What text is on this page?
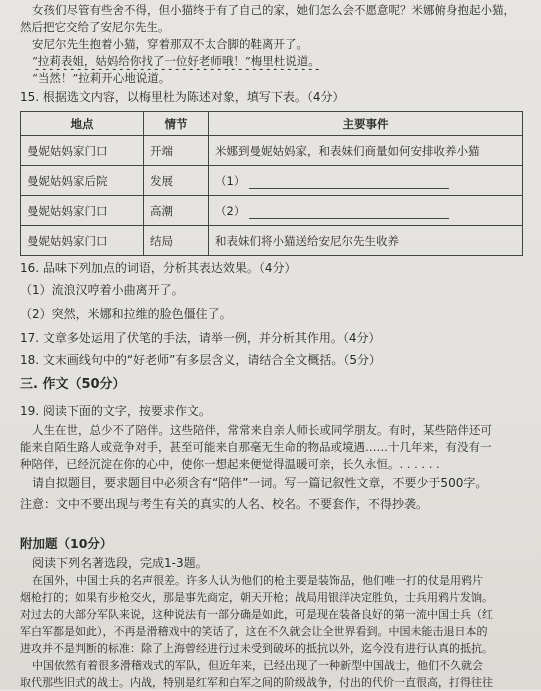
女孩们尽管有些舍不得，但小猫终于有了自己的家，她们怎么会不愿意呢？米娜俯身抱起小猫，
然后把它交给了安尼尔先生。
安尼尔先生抱着小猫，穿着那双不太合脚的鞋离开了。
“拉莉表姐，姑妈给你找了一位好老师哦！”梅里杜说道。
“当然！”拉莉开心地说道。
15. 根据选文内容，以梅里杜为陈述对象，填写下表。（4分）
地点	情节	主要事件
曼妮姑妈家门口	开端	米娜到曼妮姑妈家，和表妹们商量如何安排收养小猫
曼妮姑妈家后院	发展	（1）
曼妮姑妈家门口	高潮	（2）
曼妮姑妈家门口	结局	和表妹们将小猫送给安尼尔先生收养
16. 品味下列加点的词语，分析其表达效果。（4分）
（1）流浪汉哼着小曲离开了。
（2）突然，米娜和拉维的脸色僵住了。
17. 文章多处运用了伏笔的手法，请举一例，并分析其作用。（4分）
18. 文末画线句中的“好老师”有多层含义，请结合全文概括。（5分）
三. 作文（50分）
19. 阅读下面的文字，按要求作文。
人生在世，总少不了陪伴。这些陪伴，常常来自亲人师长或同学朋友。有时，某些陪伴还可
能来自陌生路人或竞争对手，甚至可能来自那毫无生命的物品或境遇……十几年来，有没有一
种陪伴，已经沉淀在你的心中，使你一想起来便觉得温暖可亲，长久永恒。. . . . . .
请自拟题目，要求题目中必须含有“陪伴”一词。写一篇记叙性文章，不要少于500字。
注意：文中不要出现与考生有关的真实的人名、校名。不要套作，不得抄袭。
附加题（10分）
阅读下列名著选段，完成1-3题。
在国外，中国士兵的名声很差。许多人认为他们的枪主要是装饰品，他们唯一打的仗是用鸦片
烟枪打的；如果有步枪交火，那是事先商定，朝天开枪；战局用银洋决定胜负，士兵用鸦片发饷。
对过去的大部分军队来说，这种说法有一部分确是如此，可是现在装备良好的第一流中国士兵（红
军白军都是如此），不再是滑稽戏中的笑话了，这在不久就会让全世界看到。中国未能击退日本的
进攻并不是判断的标准：除了上海曾经进行过未受到破坏的抵抗以外，迄今没有进行认真的抵抗。
中国依然有着很多滑稽戏式的军队，但近年来，已经出现了一种新型中国战士，他们不久就会
取代那些旧式的战士。内战，特别是红军和白军之间的阶级战争，付出的代价一直很高，打得往往
